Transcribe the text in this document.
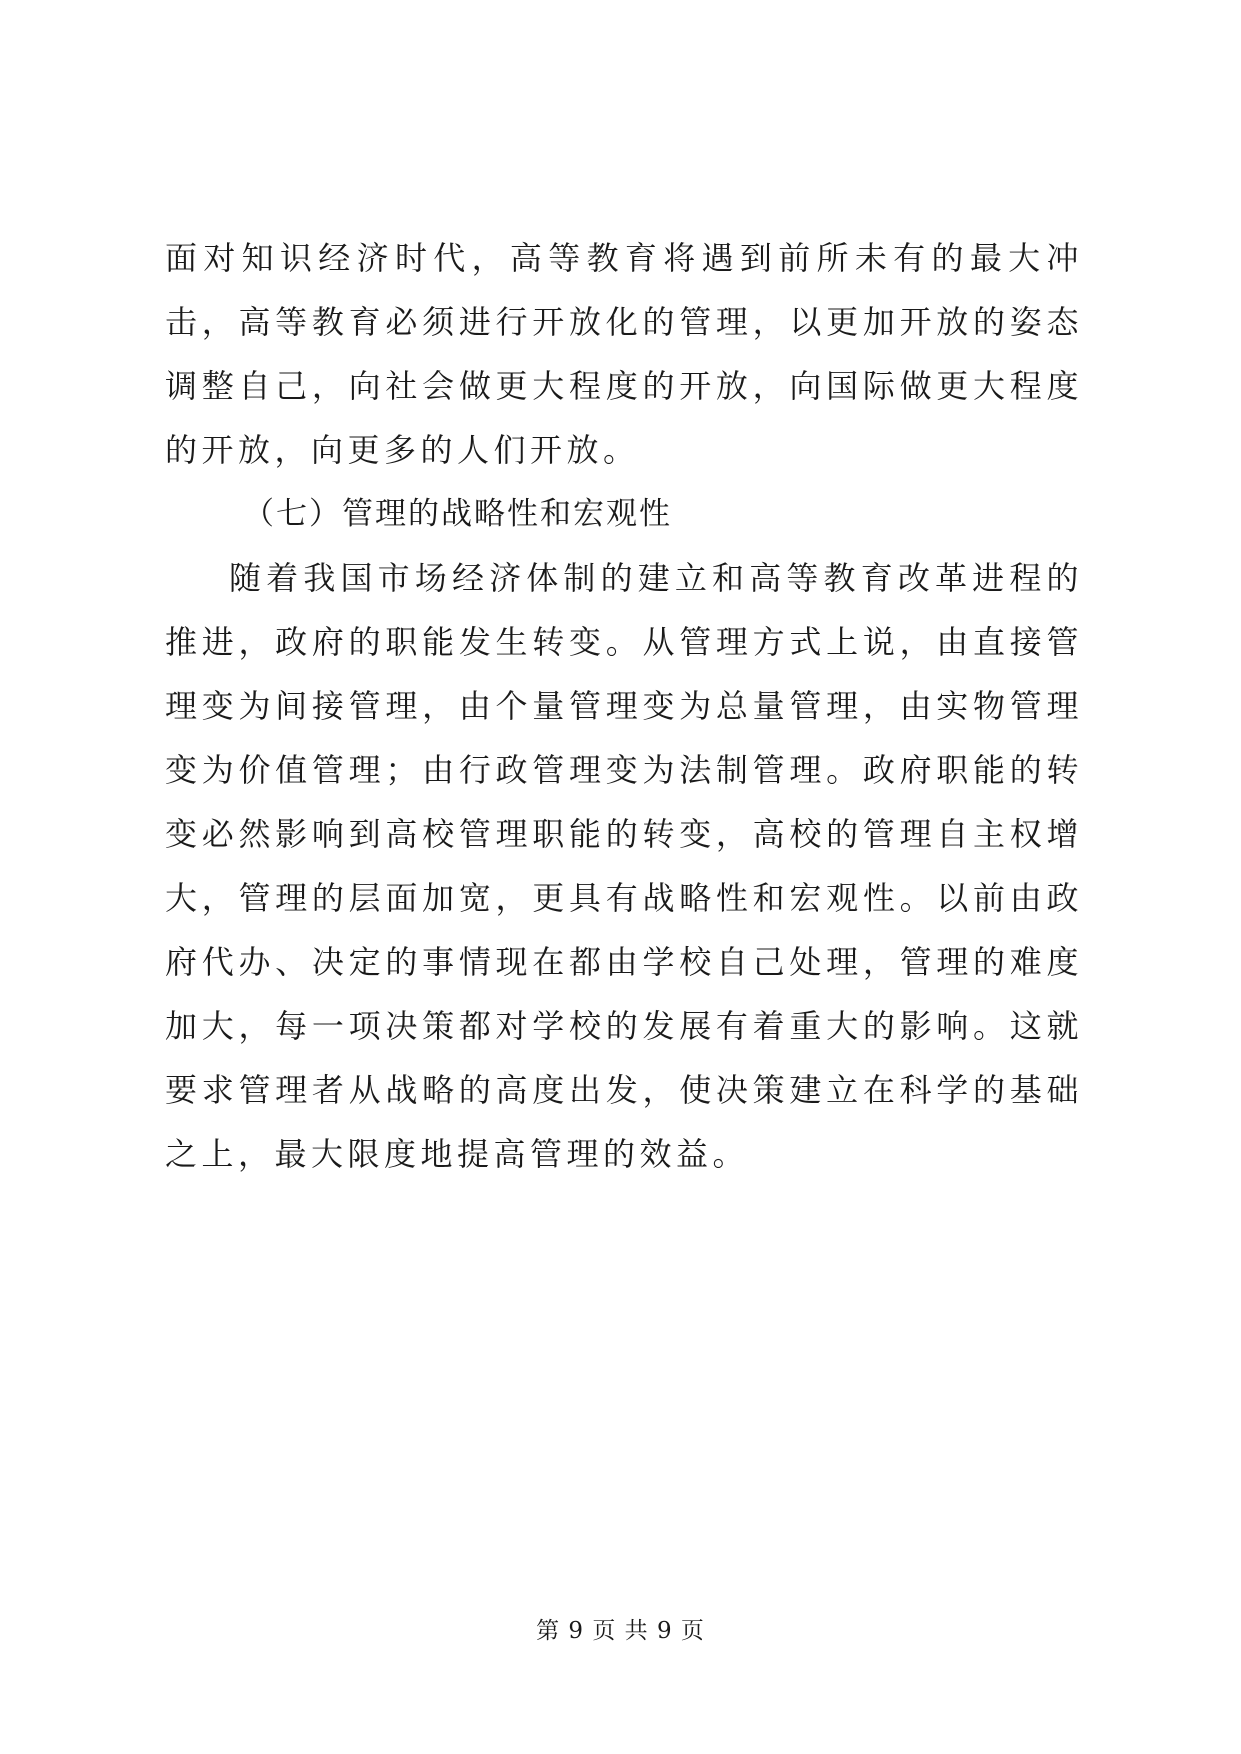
面对知识经济时代，高等教育将遇到前所未有的最大冲击，高等教育必须进行开放化的管理，以更加开放的姿态调整自己，向社会做更大程度的开放，向国际做更大程度的开放，向更多的人们开放。

（七）管理的战略性和宏观性

随着我国市场经济体制的建立和高等教育改革进程的推进，政府的职能发生转变。从管理方式上说，由直接管理变为间接管理，由个量管理变为总量管理，由实物管理变为价值管理；由行政管理变为法制管理。政府职能的转变必然影响到高校管理职能的转变，高校的管理自主权增大，管理的层面加宽，更具有战略性和宏观性。以前由政府代办、决定的事情现在都由学校自己处理，管理的难度加大，每一项决策都对学校的发展有着重大的影响。这就要求管理者从战略的高度出发，使决策建立在科学的基础之上，最大限度地提高管理的效益。

第 9 页 共 9 页
